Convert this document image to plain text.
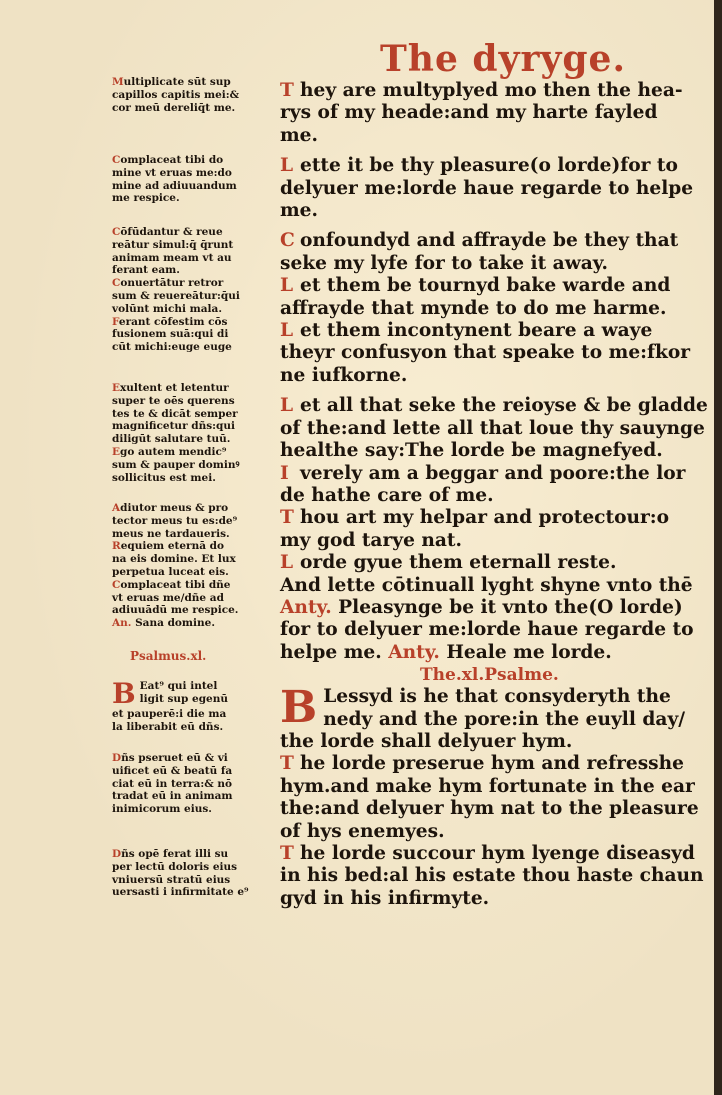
The dyryge.
T hey are multyplyed mo then the hea-
rys of my heade:and my harte fayled
me.
L ette it be thy pleasure(o lorde)for to
delyuer me:lorde haue regarde to helpe
me.
C onfoundyd and affrayde be they that
seke my lyfe for to take it away.
L et them be tournyd bake warde and
affrayde that mynde to do me harme.
L et them incontynent beare a waye
theyr confusyon that speake to me:fkor
ne iufkorne.
L et all that seke the reioyse & be gladde
of the:and lette all that loue thy sauynge
healthe say:The lorde be magnefyed.
I verely am a beggar and poore:the lor
de hathe care of me.
T hou art my helpar and protectour:o
my god tarye nat.
L orde gyue them eternall reste.
And lette cōtinuall lyght shyne vnto thē
Anty. Pleasynge be it vnto the(O lorde)
for to delyuer me:lorde haue regarde to
helpe me. Anty. Heale me lorde.
The.xl.Psalme.
B Lessyd is he that consyderyth the
nedy and the pore:in the euyll day/
the lorde shall delyuer hym.
T he lorde preserue hym and refresshe
hym.and make hym fortunate in the ear
the:and delyuer hym nat to the pleasure
of hys enemyes.
T he lorde succour hym lyenge diseasyd
in his bed:al his estate thou haste chaun
gyd in his infirmyte.
Multiplicate sūt sup
capillos capitis mei:&
cor meū dereliq̄t me.
Complaceat tibi do
mine vt eruas me:do
mine ad adiuuandum
me respice.
Cōfūdantur & reue
reātur simul:q̄ q̄runt
animam meam vt au
ferant eam.
Conuertātur retror
sum & reuereātur:q̄ui
volūnt michi mala.
Ferant cōfestim cōs
fusionem suā:qui di
cūt michi:euge euge
Exultent et letentur
super te oēs querens
tes te & dicāt semper
magnificetur dñs:qui
diligūt salutare tuū.
Ego autem mendic⁹
sum & pauper dominꝰ
sollicitus est mei.
Adiutor meus & pro
tector meus tu es:de⁹
meus ne tardaueris.
Requiem eternā do
na eis domine. Et lux
perpetua luceat eis.
Complaceat tibi dñe
vt eruas me/dñe ad
adiuuādū me respice.
An. Sana domine.
Psalmus.xl.
B Eat⁹ qui intel
ligit sup egenū
et pauperē:i die ma
la liberabit eū dñs.
Dñs pseruet eū & vi
uificet eū & beatū fa
ciat eū in terra:& nō
tradat eū in animam
inimicorum eius.
Dñs opē ferat illi su
per lectū doloris eius
vniuersū stratū eius
uersasti i infirmitate e⁹
